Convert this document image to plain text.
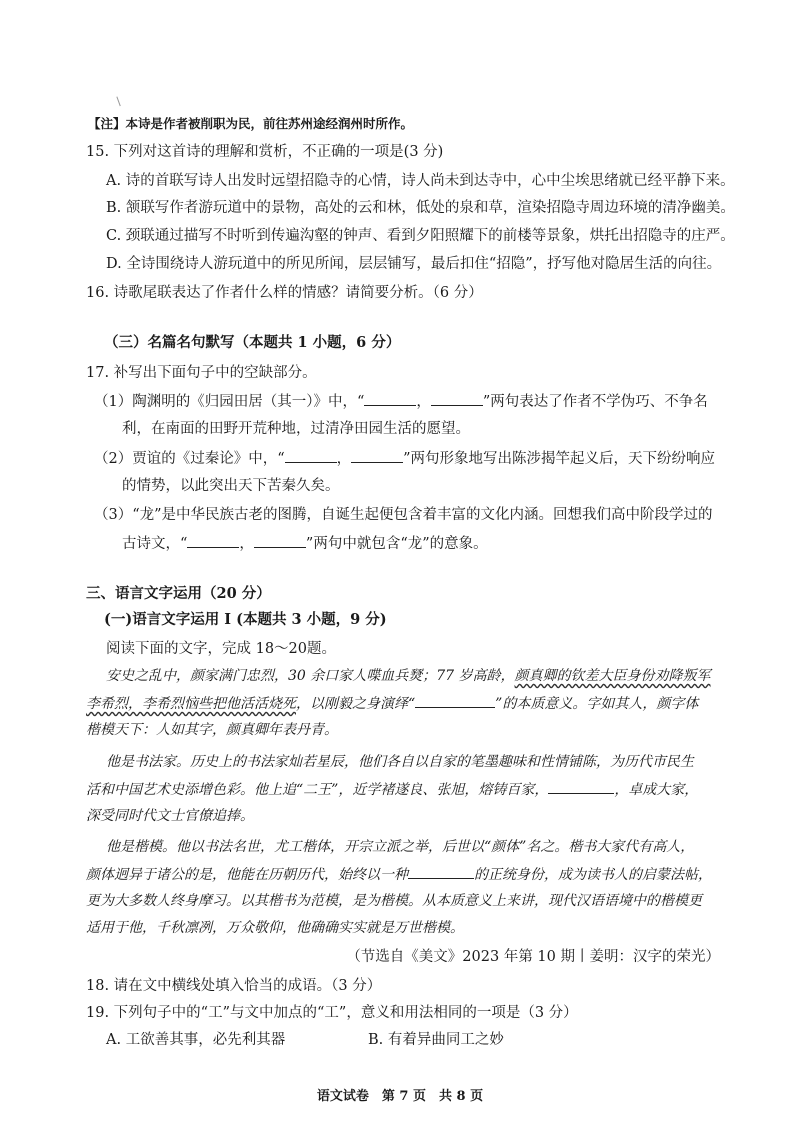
【注】本诗是作者被削职为民，前往苏州途经润州时所作。
15. 下列对这首诗的理解和赏析，不正确的一项是(3 分)
A. 诗的首联写诗人出发时远望招隐寺的心情，诗人尚未到达寺中，心中尘埃思绪就已经平静下来。
B. 颔联写作者游玩道中的景物，高处的云和林，低处的泉和草，渲染招隐寺周边环境的清净幽美。
C. 颈联通过描写不时听到传遍沟壑的钟声、看到夕阳照耀下的前楼等景象，烘托出招隐寺的庄严。
D. 全诗围绕诗人游玩道中的所见所闻，层层铺写，最后扣住“招隐”，抒写他对隐居生活的向往。
16. 诗歌尾联表达了作者什么样的情感？请简要分析。（6 分）
（三）名篇名句默写（本题共 1 小题，6 分）
17. 补写出下面句子中的空缺部分。
（1）陶渊明的《归园田居（其一）》中，“	，	”两句表达了作者不学伪巧、不争名
利，在南面的田野开荒种地，过清净田园生活的愿望。
（2）贾谊的《过秦论》中，“	，	”两句形象地写出陈涉揭竿起义后，天下纷纷响应
的情势，以此突出天下苦秦久矣。
（3）“龙”是中华民族古老的图腾，自诞生起便包含着丰富的文化内涵。回想我们高中阶段学过的
古诗文，“	，	”两句中就包含“龙”的意象。
三、语言文字运用（20 分）
(一)语言文字运用 Ⅰ (本题共 3 小题，9 分)
阅读下面的文字，完成 18～20题。
安史之乱中，颜家满门忠烈，30 余口家人喋血兵燹；77 岁高龄，颜真卿的钦差大臣身份劝降叛军
李希烈，李希烈恼些把他活活烧死，以刚毅之身演绎“	”的本质意义。字如其人，颜字体
楷模天下：人如其字，颜真卿年表丹青。
他是书法家。历史上的书法家灿若星辰，他们各自以自家的笔墨趣味和性情铺陈，为历代市民生
活和中国艺术史添增色彩。他上追“二王”，近学褚遂良、张旭，熔铸百家，	，卓成大家，
深受同时代文士官僚追捧。
他是楷模。他以书法名世，尤工楷体，开宗立派之举，后世以“颜体”名之。楷书大家代有高人，
颜体迥异于诸公的是，他能在历朝历代，始终以一种	的正统身份，成为读书人的启蒙法帖，
更为大多数人终身摩习。以其楷书为范模，是为楷模。从本质意义上来讲，现代汉语语境中的楷模更
适用于他，千秋凛冽，万众敬仰，他确确实实就是万世楷模。
（节选自《美文》2023 年第 10 期丨姜明：汉字的荣光）
18. 请在文中横线处填入恰当的成语。（3 分）
19. 下列句子中的“工”与文中加点的“工”，意义和用法相同的一项是（3 分）
A. 工欲善其事，必先利其器	B. 有着异曲同工之妙
语文试卷　第 7 页　共 8 页
